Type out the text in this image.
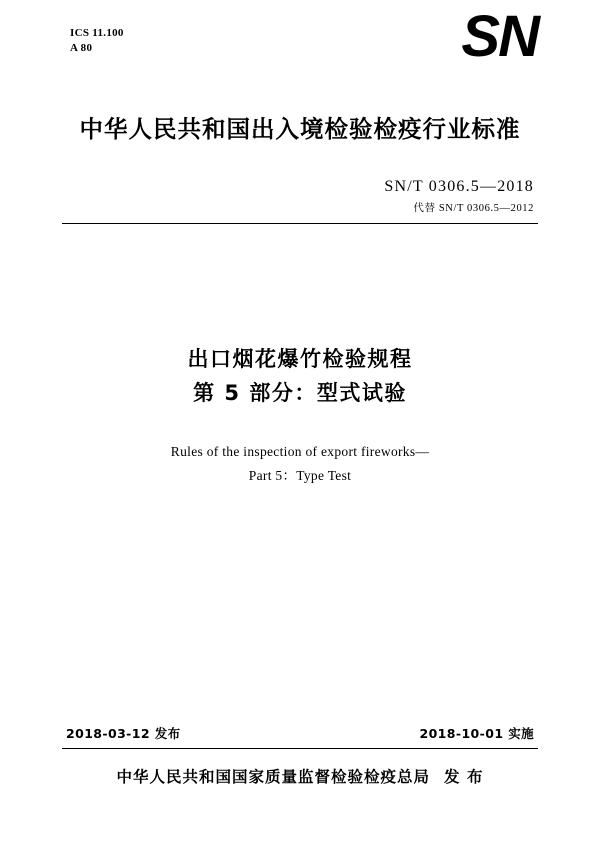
ICS 11.100
A 80	SN
中华人民共和国出入境检验检疫行业标准
SN/T 0306.5—2018
代替 SN/T 0306.5—2012
出口烟花爆竹检验规程
第 5 部分：型式试验
Rules of the inspection of export fireworks—
Part 5：Type Test
2018-03-12 发布	2018-10-01 实施
中华人民共和国国家质量监督检验检疫总局 发 布
